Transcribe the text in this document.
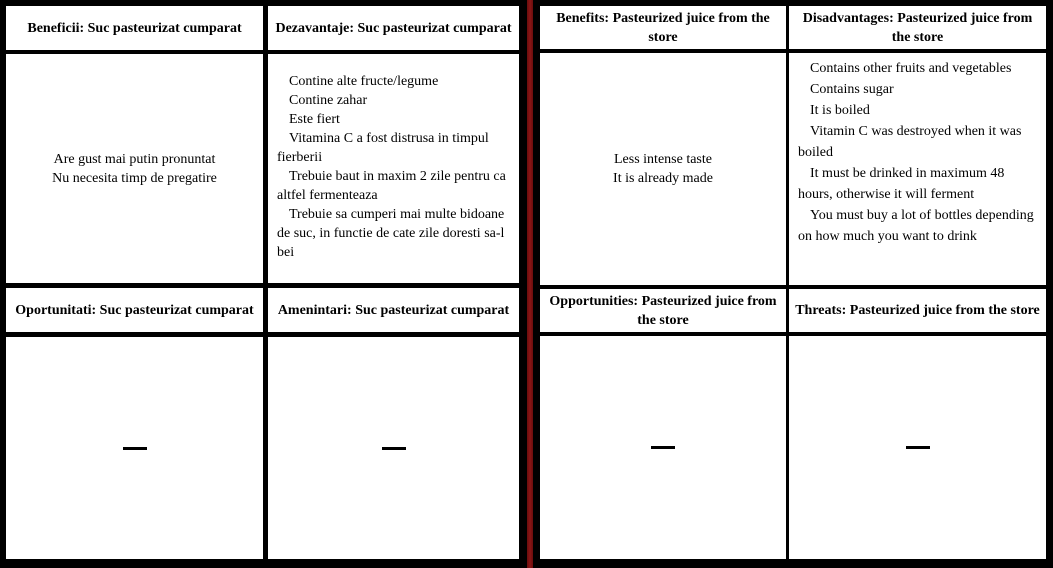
Beneficii: Suc pasteurizat cumparat	Dezavantaje: Suc pasteurizat cumparat
Are gust mai putin pronuntat
Nu necesita timp de pregatire

Contine alte fructe/legume

Contine zahar

Este fiert

Vitamina C a fost distrusa in timpul fierberii

Trebuie baut in maxim 2 zile pentru ca altfel fermenteaza

Trebuie sa cumperi mai multe bidoane de suc, in functie de cate zile doresti sa-l bei

Oportunitati: Suc pasteurizat cumparat	Amenintari: Suc pasteurizat cumparat
Benefits: Pasteurized juice from the store
Disadvantages: Pasteurized juice from the store
Less intense taste
It is already made

Contains other fruits and vegetables

Contains sugar

It is boiled

Vitamin C was destroyed when it was boiled

It must be drinked in maximum 48 hours, otherwise it will ferment

You must buy a lot of bottles depending on how much you want to drink

Opportunities: Pasteurized juice from the store
Threats: Pasteurized juice from the store
